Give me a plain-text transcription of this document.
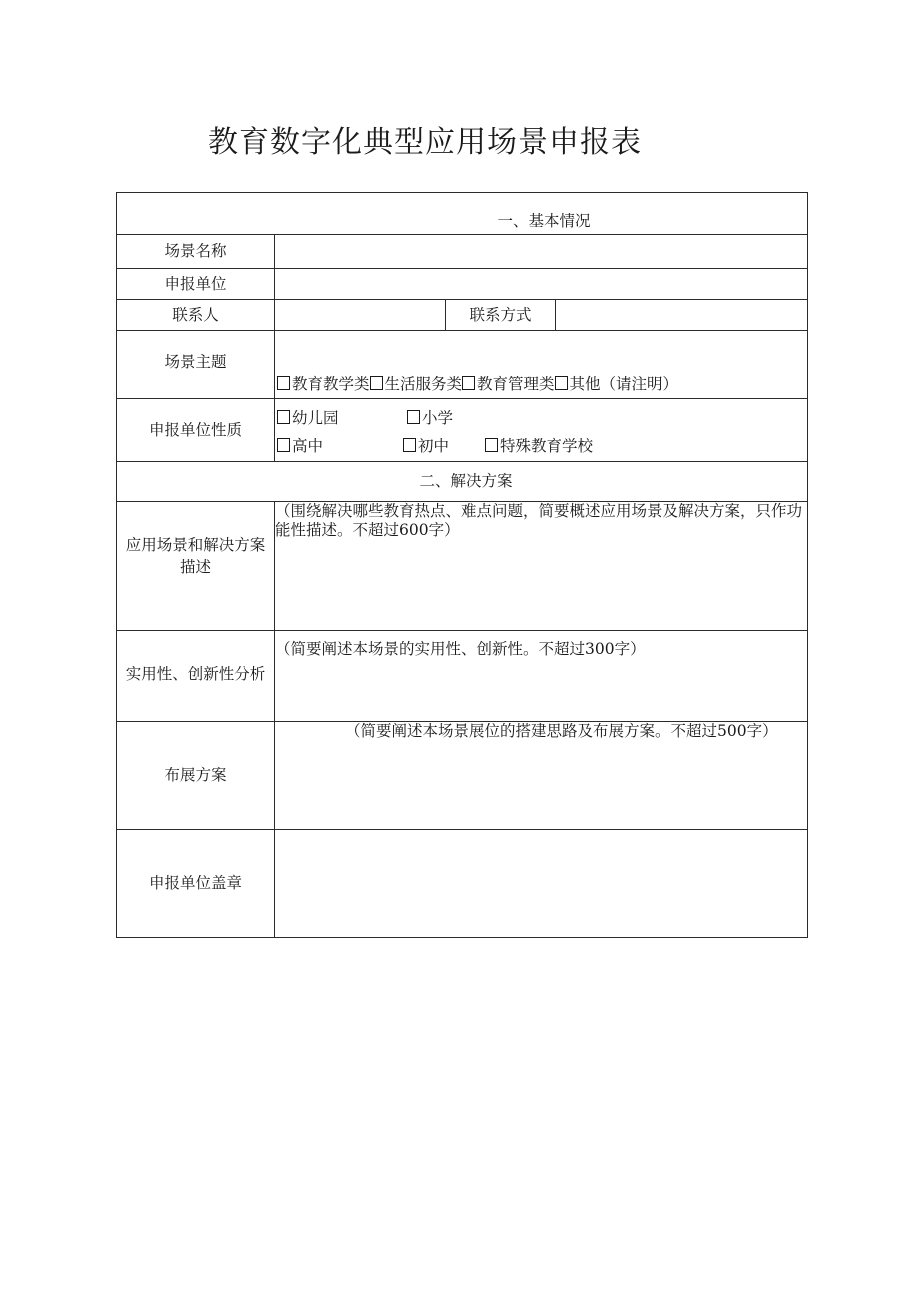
教育数字化典型应用场景申报表
一、基本情况			
场景名称			
申报单位			
联系人		联系方式	
场景主题	教育教学类 生活服务类 教育管理类 其他（请注明）		

申报单位性质	幼儿园 小学
高中 初中 特殊教育学校		

二、解决方案			

应用场景和解决方案
描述	（围绕解决哪些教育热点、难点问题，简要概述应用场景及解决方案，只作功能性描述。不超过600字）		
实用性、创新性分析	（简要阐述本场景的实用性、创新性。不超过300字）		
布展方案	（简要阐述本场景展位的搭建思路及布展方案。不超过500字）		
申报单位盖章			
